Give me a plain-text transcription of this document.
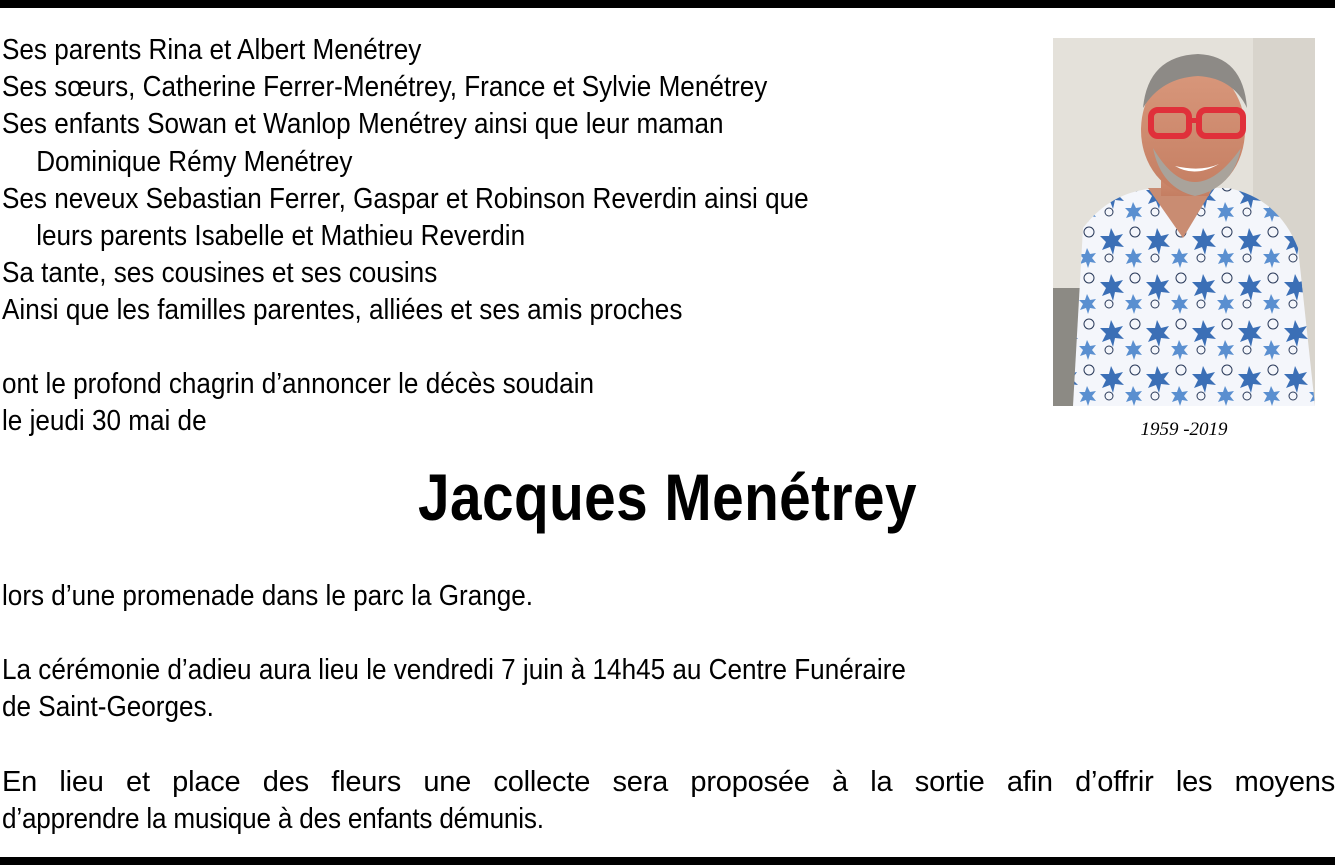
Ses parents Rina et Albert Menétrey
Ses sœurs, Catherine Ferrer-Menétrey, France et Sylvie Menétrey
Ses enfants Sowan et Wanlop Menétrey ainsi que leur maman
Dominique Rémy Menétrey
Ses neveux Sebastian Ferrer, Gaspar et Robinson Reverdin ainsi que
leurs parents Isabelle et Mathieu Reverdin
Sa tante, ses cousines et ses cousins
Ainsi que les familles parentes, alliées et ses amis proches
ont le profond chagrin d’annoncer le décès soudain
le jeudi 30 mai de	1959 -2019
Jacques Menétrey
lors d’une promenade dans le parc la Grange.
La cérémonie d’adieu aura lieu le vendredi 7 juin à 14h45 au Centre Funéraire
de Saint-Georges.
En lieu et place des fleurs une collecte sera proposée à la sortie afin d’offrir les moyens
d’apprendre la musique à des enfants démunis.
